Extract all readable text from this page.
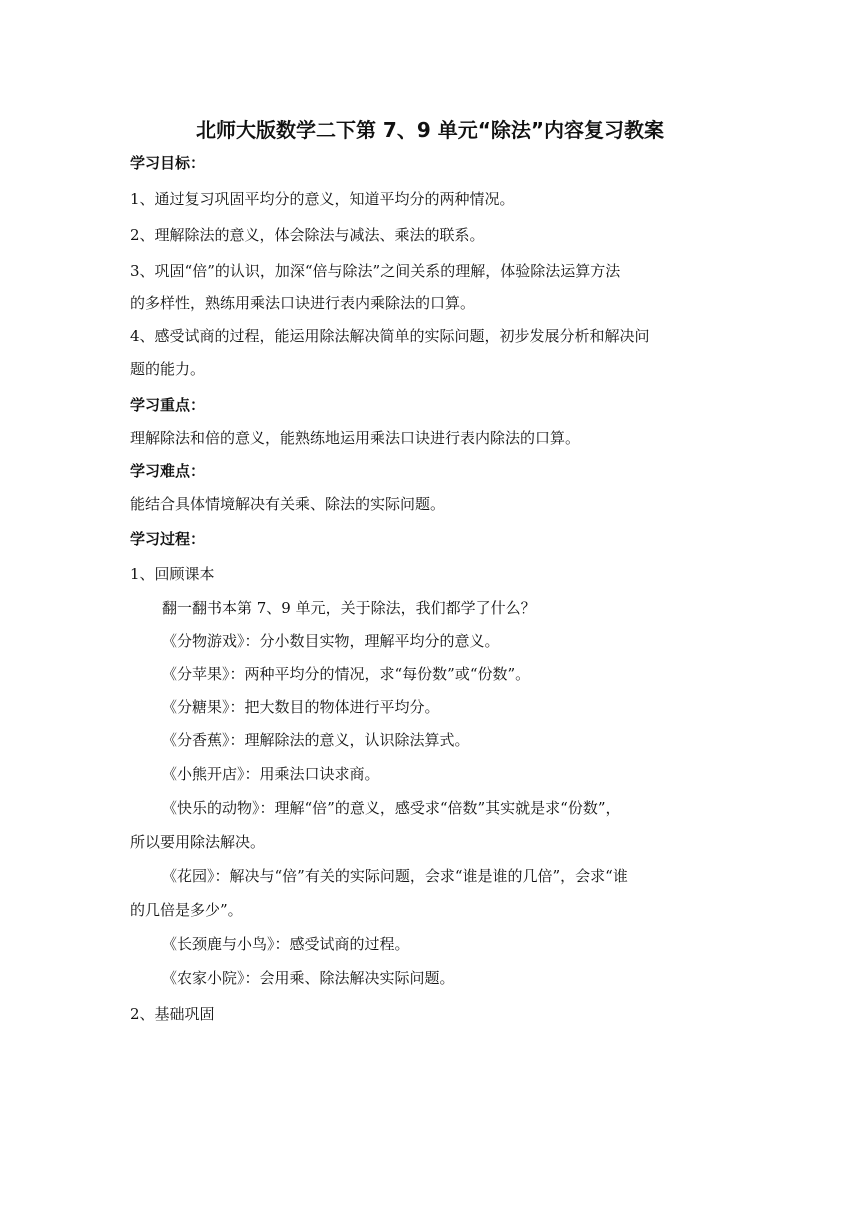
北师大版数学二下第 7、9 单元“除法”内容复习教案
学习目标：
1、通过复习巩固平均分的意义，知道平均分的两种情况。
2、理解除法的意义，体会除法与减法、乘法的联系。
3、巩固“倍”的认识，加深“倍与除法”之间关系的理解，体验除法运算方法
的多样性，熟练用乘法口诀进行表内乘除法的口算。
4、感受试商的过程，能运用除法解决简单的实际问题，初步发展分析和解决问
题的能力。
学习重点：
理解除法和倍的意义，能熟练地运用乘法口诀进行表内除法的口算。
学习难点：
能结合具体情境解决有关乘、除法的实际问题。
学习过程：
1、回顾课本
翻一翻书本第 7、9 单元，关于除法，我们都学了什么？
《分物游戏》：分小数目实物，理解平均分的意义。
《分苹果》：两种平均分的情况，求“每份数”或“份数”。
《分糖果》：把大数目的物体进行平均分。
《分香蕉》：理解除法的意义，认识除法算式。
《小熊开店》：用乘法口诀求商。
《快乐的动物》：理解“倍”的意义，感受求“倍数”其实就是求“份数”，
所以要用除法解决。
《花园》：解决与“倍”有关的实际问题，会求“谁是谁的几倍”，会求“谁
的几倍是多少”。
《长颈鹿与小鸟》：感受试商的过程。
《农家小院》：会用乘、除法解决实际问题。
2、基础巩固
